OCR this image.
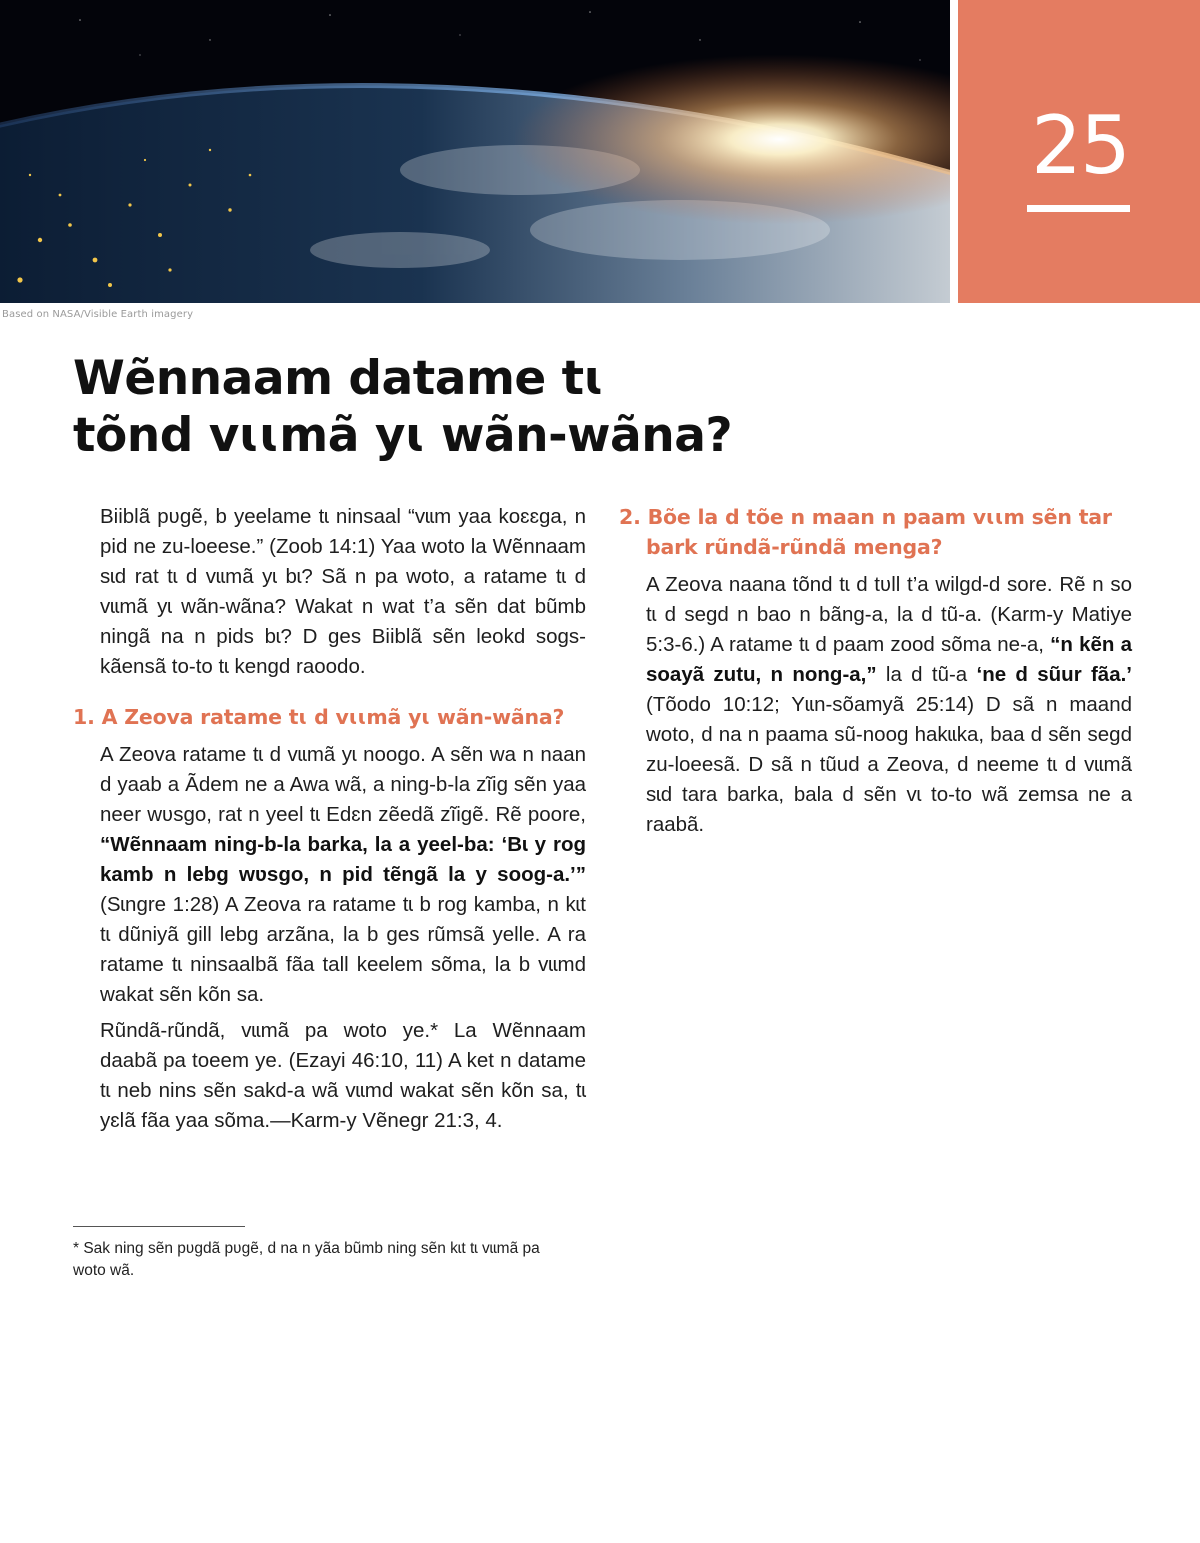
Based on NASA/Visible Earth imagery
25
Wẽnnaam datame tɩ
tõnd vɩɩmã yɩ wãn-wãna?

Biiblã pʋgẽ, b yeelame tɩ ninsaal “vɩɩm yaa koɛɛga, n pid ne zu-loeese.” (Zoob 14:1) Yaa woto la Wẽnnaam sɩd rat tɩ d vɩɩmã yɩ bɩ? Sã n pa woto, a ratame tɩ d vɩɩmã yɩ wãn-wãna? Wakat n wat t’a sẽn dat bũmb ningã na n pids bɩ? D ges Biiblã sẽn leokd sogs-kãensã to-to tɩ kengd raoodo.

1. A Zeova ratame tɩ d vɩɩmã yɩ wãn-wãna?

A Zeova ratame tɩ d vɩɩmã yɩ noogo. A sẽn wa n naan d yaab a Ãdem ne a Awa wã, a ning-b-la zĩig sẽn yaa neer wʋsgo, rat n yeel tɩ Edɛn zẽedã zĩigẽ. Rẽ poore, “Wẽnnaam ning-b-la barka, la a yeel-ba: ‘Bɩ y rog kamb n lebg wʋsgo, n pid tẽngã la y soog-a.’” (Sɩngre 1:28) A Zeova ra ratame tɩ b rog kamba, n kɩt tɩ dũniyã gill lebg arzãna, la b ges rũmsã yelle. A ra ratame tɩ ninsaalbã fãa tall keelem sõma, la b vɩɩmd wakat sẽn kõn sa.

Rũndã-rũndã, vɩɩmã pa woto ye.* La Wẽnnaam daabã pa toeem ye. (Ezayi 46:10, 11) A ket n datame tɩ neb nins sẽn sakd-a wã vɩɩmd wakat sẽn kõn sa, tɩ yɛlã fãa yaa sõma.—Karm-y Vẽnegr 21:3, 4.

2. Bõe la d tõe n maan n paam vɩɩm sẽn tar bark rũndã-rũndã menga?

A Zeova naana tõnd tɩ d tʋll t’a wilgd-d sore. Rẽ n so tɩ d segd n bao n bãng-a, la d tũ-a. (Karm-y Matiye 5:3-6.) A ratame tɩ d paam zood sõma ne-a, “n kẽn a soayã zutu, n nong-a,” la d tũ-a ‘ne d sũur fãa.’ (Tõodo 10:12; Yɩɩn-sõamyã 25:14) D sã n maand woto, d na n paama sũ-noog hakɩɩka, baa d sẽn segd zu-loeesã. D sã n tũud a Zeova, d neeme tɩ d vɩɩmã sɩd tara barka, bala d sẽn vɩ to-to wã zemsa ne a raabã.

* Sak ning sẽn pʋgdã pʋgẽ, d na n yãa bũmb ning sẽn kɩt tɩ vɩɩmã pa woto wã.
